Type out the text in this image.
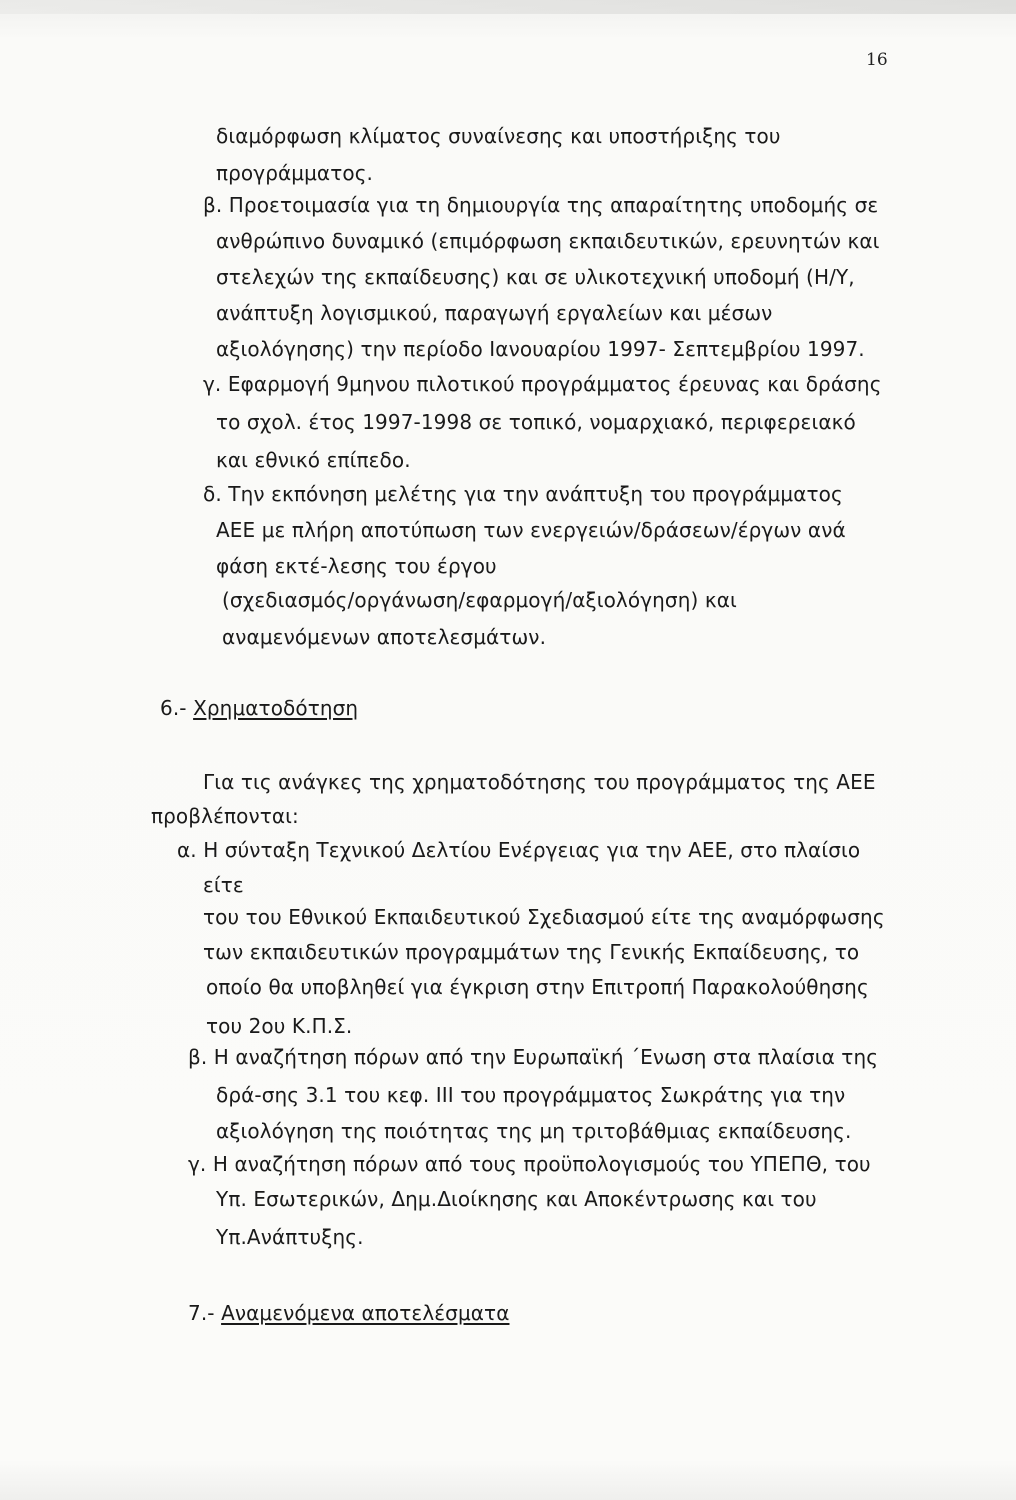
16
διαμόρφωση κλίματος συναίνεσης και υποστήριξης του
προγράμματος.
β. Προετοιμασία για τη δημιουργία της απαραίτητης υποδομής σε
ανθρώπινο δυναμικό (επιμόρφωση εκπαιδευτικών, ερευνητών και
στελεχών της εκπαίδευσης) και σε υλικοτεχνική υποδομή (Η/Υ,
ανάπτυξη λογισμικού, παραγωγή εργαλείων και μέσων
αξιολόγησης) την περίοδο Ιανουαρίου 1997- Σεπτεμβρίου 1997.
γ. Εφαρμογή 9μηνου πιλοτικού προγράμματος έρευνας και δράσης
το σχολ. έτος 1997-1998 σε τοπικό, νομαρχιακό, περιφερειακό
και εθνικό επίπεδο.
δ. Την εκπόνηση μελέτης για την ανάπτυξη του προγράμματος
ΑΕΕ με πλήρη αποτύπωση των ενεργειών/δράσεων/έργων ανά
φάση εκτέ-λεσης του έργου
(σχεδιασμός/οργάνωση/εφαρμογή/αξιολόγηση) και
αναμενόμενων αποτελεσμάτων.
6.- Χρηματοδότηση
Για τις ανάγκες της χρηματοδότησης του προγράμματος της ΑΕΕ
προβλέπονται:
α. Η σύνταξη Τεχνικού Δελτίου Ενέργειας για την ΑΕΕ, στο πλαίσιο
είτε
του του Εθνικού Εκπαιδευτικού Σχεδιασμού είτε της αναμόρφωσης
των εκπαιδευτικών προγραμμάτων της Γενικής Εκπαίδευσης, το
οποίο θα υποβληθεί για έγκριση στην Επιτροπή Παρακολούθησης
του 2ου Κ.Π.Σ.
β. Η αναζήτηση πόρων από την Ευρωπαϊκή ΄Ενωση στα πλαίσια της
δρά-σης 3.1 του κεφ. ΙΙΙ του προγράμματος Σωκράτης για την
αξιολόγηση της ποιότητας της μη τριτοβάθμιας εκπαίδευσης.
γ. Η αναζήτηση πόρων από τους προϋπολογισμούς του ΥΠΕΠΘ, του
Υπ. Εσωτερικών, Δημ.Διοίκησης και Αποκέντρωσης και του
Υπ.Ανάπτυξης.
7.- Αναμενόμενα αποτελέσματα
